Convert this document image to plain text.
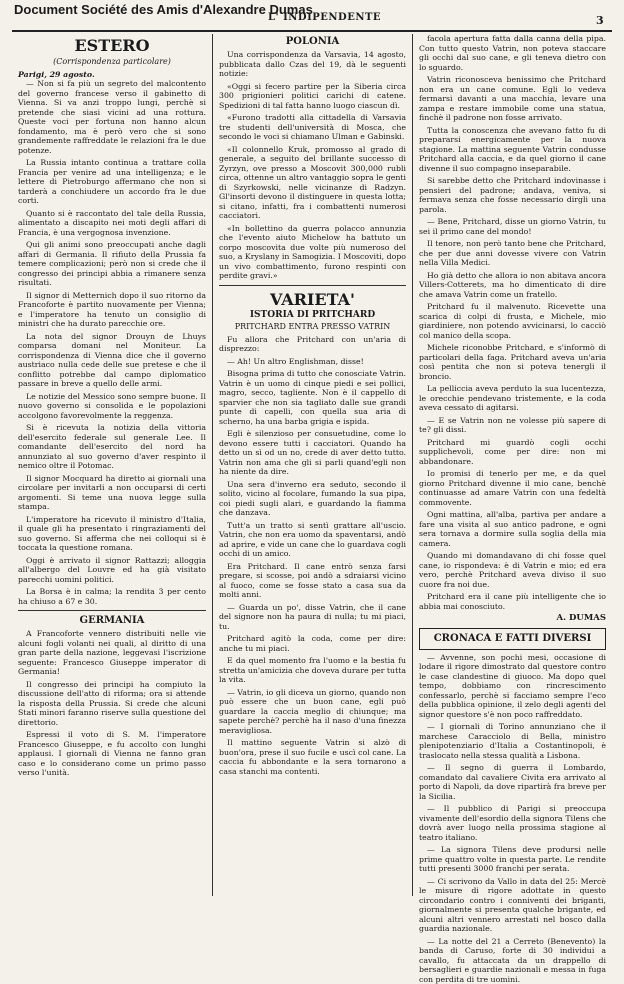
Document Société des Amis d'Alexandre Dumas
L' INDIPENDENTE	3
ESTERO
(Corrispondenza particolare)
Parigi, 29 agosto.

— Non si fa più un segreto del malcontento del governo francese verso il gabinetto di Vienna. Si va anzi troppo lungi, perchè si pretende che siasi vicini ad una rottura. Queste voci per fortuna non hanno alcun fondamento, ma è però vero che si sono grandemente raffreddate le relazioni fra le due potenze.

La Russia intanto continua a trattare colla Francia per venire ad una intelligenza; e le lettere di Pietroburgo affermano che non si tarderà a conchiudere un accordo fra le due corti.

Quanto si è raccontato del tale della Russia, alimentato a discapito nei moti degli affari di Francia, è una vergognosa invenzione.

Qui gli animi sono preoccupati anche dagli affari di Germania. Il rifiuto della Prussia fa temere complicazioni; però non si crede che il congresso dei principi abbia a rimanere senza risultati.

Il signor di Metternich dopo il suo ritorno da Francoforte è partito nuovamente per Vienna; e l'imperatore ha tenuto un consiglio di ministri che ha durato parecchie ore.

La nota del signor Drouyn de Lhuys comparsa domani nel Moniteur. La corrispondenza di Vienna dice che il governo austriaco nulla cede delle sue pretese e che il conflitto potrebbe dal campo diplomatico passare in breve a quello delle armi.

Le notizie del Messico sono sempre buone. Il nuovo governo si consolida e le popolazioni accolgono favorevolmente la reggenza.

Si è ricevuta la notizia della vittoria dell'esercito federale sul generale Lee. Il comandante dell'esercito del nord ha annunziato al suo governo d'aver respinto il nemico oltre il Potomac.

Il signor Mocquard ha diretto ai giornali una circolare per invitarli a non occuparsi di certi argomenti. Si teme una nuova legge sulla stampa.

L'imperatore ha ricevuto il ministro d'Italia, il quale gli ha presentato i ringraziamenti del suo governo. Si afferma che nei colloqui si è toccata la questione romana.

Oggi è arrivato il signor Rattazzi; alloggia all'albergo del Louvre ed ha già visitato parecchi uomini politici.

La Borsa è in calma; la rendita 3 per cento ha chiuso a 67 e 30.

GERMANIA

A Francoforte vennero distribuiti nelle vie alcuni fogli volanti nei quali, al diritto di una gran parte della nazione, leggevasi l'iscrizione seguente: Francesco Giuseppe imperator di Germania!

Il congresso dei principi ha compiuto la discussione dell'atto di riforma; ora si attende la risposta della Prussia. Si crede che alcuni Stati minori faranno riserve sulla questione del direttorio.

Espressi il voto di S. M. l'imperatore Francesco Giuseppe, e fu accolto con lunghi applausi. I giornali di Vienna ne fanno gran caso e lo considerano come un primo passo verso l'unità.

POLONIA

Una corrispondenza da Varsavia, 14 agosto, pubblicata dallo Czas del 19, dà le seguenti notizie:

«Oggi si fecero partire per la Siberia circa 300 prigionieri politici carichi di catene. Spedizioni di tal fatta hanno luogo ciascun dì.

«Furono tradotti alla cittadella di Varsavia tre studenti dell'università di Mosca, che secondo le voci si chiamano Ulman e Gabinski.

«Il colonnello Kruk, promosso al grado di generale, a seguito del brillante successo di Zyrzyn, ove presso a Moscovit 300,000 rubli circa, ottenne un altro vantaggio sopra le genti di Szyrkowski, nelle vicinanze di Radzyn. Gl'insorti devono il distinguere in questa lotta; si citano, infatti, fra i combattenti numerosi cacciatori.

«In bollettino da guerra polacco annunzia che l'evento aiuto Michelow ha battuto un corpo moscovita due volte più numeroso del suo, a Kryslany in Samogizia. I Moscoviti, dopo un vivo combattimento, furono respinti con perdite gravi.»

VARIETA'
ISTORIA DI PRITCHARD
PRITCHARD ENTRA PRESSO VATRIN

Fu allora che Pritchard con un'aria di disprezzo:

— Ah! Un altro Englishman, disse!

Bisogna prima di tutto che conosciate Vatrin. Vatrin è un uomo di cinque piedi e sei pollici, magro, secco, tagliente. Non è il cappello di sparvier che non sia tagliato dalle sue grandi punte di capelli, con quella sua aria di scherno, ha una barba grigia e ispida.

Egli è silenzioso per consuetudine, come lo devono essere tutti i cacciatori. Quando ha detto un sì od un no, crede di aver detto tutto. Vatrin non ama che gli si parli quand'egli non ha niente da dire.

Una sera d'inverno era seduto, secondo il solito, vicino al focolare, fumando la sua pipa, coi piedi sugli alari, e guardando la fiamma che danzava.

Tutt'a un tratto si sentì grattare all'uscio. Vatrin, che non era uomo da spaventarsi, andò ad aprire, e vide un cane che lo guardava cogli occhi di un amico.

Era Pritchard. Il cane entrò senza farsi pregare, si scosse, poi andò a sdraiarsi vicino al fuoco, come se fosse stato a casa sua da molti anni.

— Guarda un po', disse Vatrin, che il cane del signore non ha paura di nulla; tu mi piaci, tu.

Pritchard agitò la coda, come per dire: anche tu mi piaci.

E da quel momento fra l'uomo e la bestia fu stretta un'amicizia che doveva durare per tutta la vita.

— Vatrin, io gli diceva un giorno, quando non può essere che un buon cane, egli può guardare la caccia meglio di chiunque; ma sapete perchè? perchè ha il naso d'una finezza meravigliosa.

Il mattino seguente Vatrin si alzò di buon'ora, prese il suo fucile e uscì col cane. La caccia fu abbondante e la sera tornarono a casa stanchi ma contenti.

facola apertura fatta dalla canna della pipa. Con tutto questo Vatrin, non poteva staccare gli occhi dal suo cane, e gli teneva dietro con lo sguardo.

Vatrin riconosceva benissimo che Pritchard non era un cane comune. Egli lo vedeva fermarsi davanti a una macchia, levare una zampa e restare immobile come una statua, finchè il padrone non fosse arrivato.

Tutta la conoscenza che avevano fatto fu di prepararsi energicamente per la nuova stagione. La mattina seguente Vatrin condusse Pritchard alla caccia, e da quel giorno il cane divenne il suo compagno inseparabile.

Si sarebbe detto che Pritchard indovinasse i pensieri del padrone; andava, veniva, si fermava senza che fosse necessario dirgli una parola.

— Bene, Pritchard, disse un giorno Vatrin, tu sei il primo cane del mondo!

Il tenore, non però tanto bene che Pritchard, che per due anni dovesse vivere con Vatrin nella Villa Medici.

Ho già detto che allora io non abitava ancora Villers-Cotterets, ma ho dimenticato di dire che amava Vatrin come un fratello.

Pritchard fu il malvenuto. Ricevette una scarica di colpi di frusta, e Michele, mio giardiniere, non potendo avvicinarsi, lo cacciò col manico della scopa.

Michele riconobbe Pritchard, e s'informò di particolari della faga. Pritchard aveva un'aria così pentita che non si poteva tenergli il broncio.

La pelliccia aveva perduto la sua lucentezza, le orecchie pendevano tristemente, e la coda aveva cessato di agitarsi.

— E se Vatrin non ne volesse più sapere di te? gli dissi.

Pritchard mi guardò cogli occhi supplichevoli, come per dire: non mi abbandonare.

Io promisi di tenerlo per me, e da quel giorno Pritchard divenne il mio cane, benchè continuasse ad amare Vatrin con una fedeltà commovente.

Ogni mattina, all'alba, partiva per andare a fare una visita al suo antico padrone, e ogni sera tornava a dormire sulla soglia della mia camera.

Quando mi domandavano di chi fosse quel cane, io rispondeva: è di Vatrin e mio; ed era vero, perchè Pritchard aveva diviso il suo cuore fra noi due.

Pritchard era il cane più intelligente che io abbia mai conosciuto.

A. DUMAS
CRONACA E FATTI DIVERSI

— Avvenne, son pochi mesi, occasione di lodare il rigore dimostrato dal questore contro le case clandestine di giuoco. Ma dopo quel tempo, dobbiamo con rincrescimento confessarlo, perchè si facciamo sempre l'eco della pubblica opinione, il zelo degli agenti del signor questore s'è non poco raffreddato.

— I giornali di Torino annunziano che il marchese Caracciolo di Bella, ministro plenipotenziario d'Italia a Costantinopoli, è traslocato nella stessa qualità a Lisbona.

— Il segno di guerra il Lombardo, comandato dal cavaliere Civita era arrivato al porto di Napoli, da dove ripartirà fra breve per la Sicilia.

— Il pubblico di Parigi si preoccupa vivamente dell'esordio della signora Tilens che dovrà aver luogo nella prossima stagione al teatro italiano.

— La signora Tilens deve prodursi nelle prime quattro volte in questa parte. Le rendite tutti presenti 3000 franchi per serata.

— Ci scrivono da Vallo in data del 25: Mercè le misure di rigore adottate in questo circondario contro i conniventi dei briganti, giornalmente si presenta qualche brigante, ed alcuni altri vennero arrestati nel bosco dalla guardia nazionale.

— La notte del 21 a Cerreto (Benevento) la banda di Caruso, forte di 30 individui a cavallo, fu attaccata da un drappello di bersaglieri e guardie nazionali e messa in fuga con perdita di tre uomini.
